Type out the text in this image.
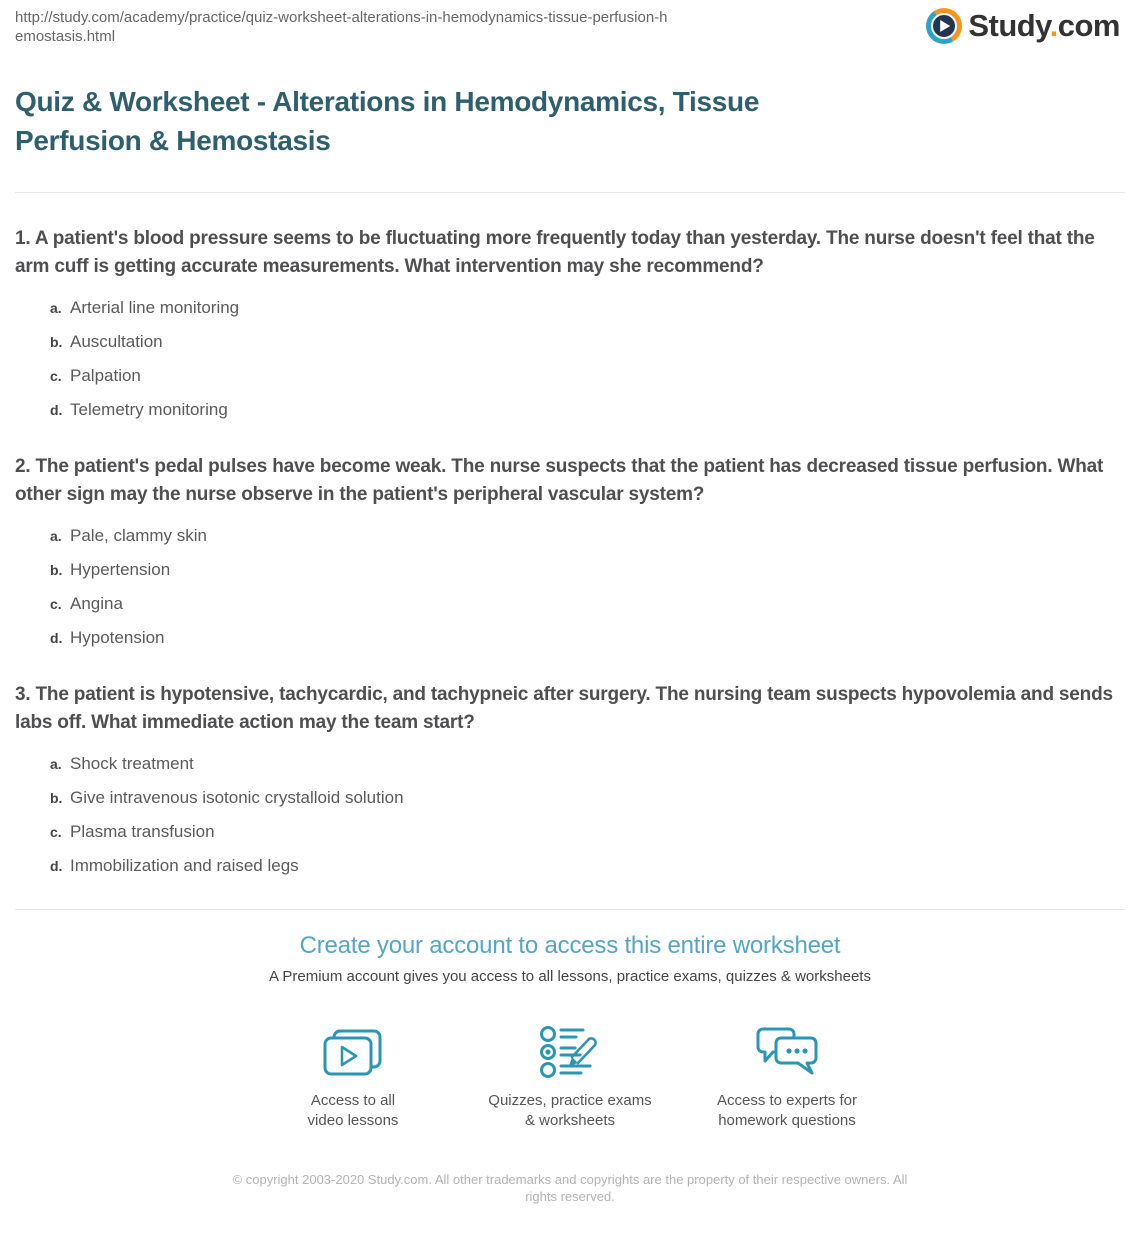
http://study.com/academy/practice/quiz-worksheet-alterations-in-hemodynamics-tissue-perfusion-hemostasis.html	Study.com
Quiz & Worksheet - Alterations in Hemodynamics, Tissue Perfusion & Hemostasis
1. A patient's blood pressure seems to be fluctuating more frequently today than yesterday. The nurse doesn't feel that the arm cuff is getting accurate measurements. What intervention may she recommend?
a. Arterial line monitoring
b. Auscultation
c. Palpation
d. Telemetry monitoring
2. The patient's pedal pulses have become weak. The nurse suspects that the patient has decreased tissue perfusion. What other sign may the nurse observe in the patient's peripheral vascular system?
a. Pale, clammy skin
b. Hypertension
c. Angina
d. Hypotension
3. The patient is hypotensive, tachycardic, and tachypneic after surgery. The nursing team suspects hypovolemia and sends labs off. What immediate action may the team start?
a. Shock treatment
b. Give intravenous isotonic crystalloid solution
c. Plasma transfusion
d. Immobilization and raised legs
Create your account to access this entire worksheet
A Premium account gives you access to all lessons, practice exams, quizzes & worksheets
Access to all
video lessons
Quizzes, practice exams
& worksheets
Access to experts for
homework questions
© copyright 2003-2020 Study.com. All other trademarks and copyrights are the property of their respective owners. All rights reserved.
